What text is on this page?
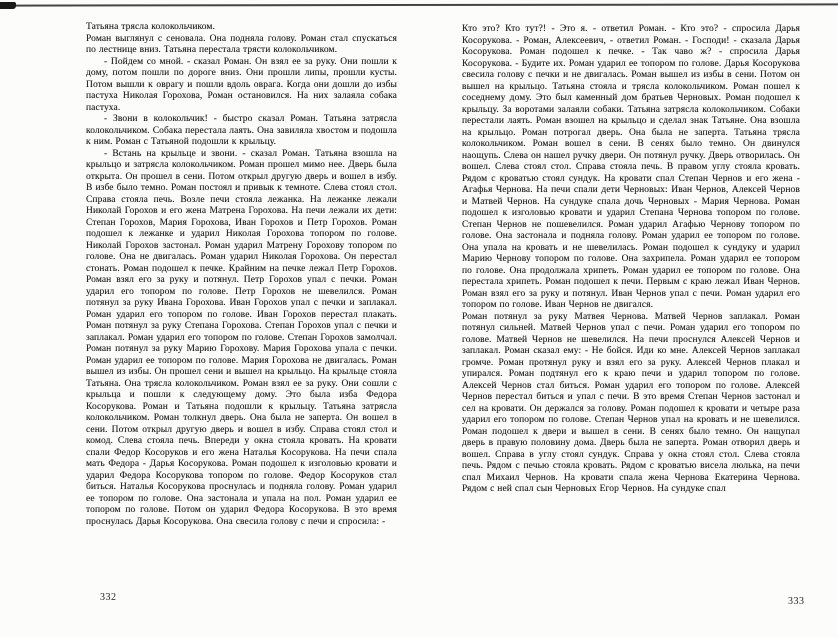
Татьяна трясла колокольчиком.

Роман выглянул с сеновала. Она подняла голову. Роман стал спускаться по лестнице вниз. Татьяна перестала трясти колокольчиком.

- Пойдем со мной. - сказал Роман. Он взял ее за руку. Они пошли к дому, потом пошли по дороге вниз. Они прошли липы, прошли кусты. Потом вышли к оврагу и пошли вдоль оврага. Когда они дошли до избы пастуха Николая Горохова, Роман остановился. На них залаяла собака пастуха.

- Звони в колокольчик! - быстро сказал Роман. Татьяна затрясла колокольчиком. Собака перестала лаять. Она завиляла хвостом и подошла к ним. Роман с Татьяной подошли к крыльцу.

- Встань на крыльце и звони. - сказал Роман. Татьяна взошла на крыльцо и затрясла колокольчиком. Роман прошел мимо нее. Дверь была открыта. Он прошел в сени. Потом открыл другую дверь и вошел в избу. В избе было темно. Роман постоял и привык к темноте. Слева стоял стол. Справа стояла печь. Возле печи стояла лежанка. На лежанке лежали Николай Горохов и его жена Матрена Горохова. На печи лежали их дети: Степан Горохов, Мария Горохова, Иван Горохов и Петр Горохов. Роман подошел к лежанке и ударил Николая Горохова топором по голове. Николай Горохов застонал. Роман ударил Матрену Горохову топором по голове. Она не двигалась. Роман ударил Николая Горохова. Он перестал стонать. Роман подошел к печке. Крайним на печке лежал Петр Горохов. Роман взял его за руку и потянул. Петр Горохов упал с печки. Роман ударил его топором по голове. Петр Горохов не шевелился. Роман потянул за руку Ивана Горохова. Иван Горохов упал с печки и заплакал. Роман ударил его топором по голове. Иван Горохов перестал плакать. Роман потянул за руку Степана Горохова. Степан Горохов упал с печки и заплакал. Роман ударил его топором по голове. Степан Горохов замолчал. Роман потянул за руку Марию Горохову. Мария Горохова упала с печки. Роман ударил ее топором по голове. Мария Горохова не двигалась. Роман вышел из избы. Он прошел сени и вышел на крыльцо. На крыльце стояла Татьяна. Она трясла колокольчиком. Роман взял ее за руку. Они сошли с крыльца и пошли к следующему дому. Это была изба Федора Косорукова. Роман и Татьяна подошли к крыльцу. Татьяна затрясла колокольчиком. Роман толкнул дверь. Она была не заперта. Он вошел в сени. Потом открыл другую дверь и вошел в избу. Справа стоял стол и комод. Слева стояла печь. Впереди у окна стояла кровать. На кровати спали Федор Косоруков и его жена Наталья Косорукова. На печи спала мать Федора - Дарья Косорукова. Роман подошел к изголовью кровати и ударил Федора Косорукова топором по голове. Федор Косоруков стал биться. Наталья Косорукова проснулась и подняла голову. Роман ударил ее топором по голове. Она застонала и упала на пол. Роман ударил ее топором по голове. Потом он ударил Федора Косорукова. В это время проснулась Дарья Косорукова. Она свесила голову с печи и спросила: -

Кто это? Кто тут?! - Это я. - ответил Роман. - Кто это? - спросила Дарья Косорукова. - Роман, Алексеевич, - ответил Роман. - Господи! - сказала Дарья Косорукова. Роман подошел к печке. - Так чаво ж? - спросила Дарья Косорукова. - Будите их. Роман ударил ее топором по голове. Дарья Косорукова свесила голову с печки и не двигалась. Роман вышел из избы в сени. Потом он вышел на крыльцо. Татьяна стояла и трясла колокольчиком. Роман пошел к соседнему дому. Это был каменный дом братьев Черновых. Роман подошел к крыльцу. За воротами залаяли собаки. Татьяна затрясла колокольчиком. Собаки перестали лаять. Роман взошел на крыльцо и сделал знак Татьяне. Она взошла на крыльцо. Роман потрогал дверь. Она была не заперта. Татьяна трясла колокольчиком. Роман вошел в сени. В сенях было темно. Он двинулся наощупь. Слева он нашел ручку двери. Он потянул ручку. Дверь отворилась. Он вошел. Слева стоял стол. Справа стояла печь. В правом углу стояла кровать. Рядом с кроватью стоял сундук. На кровати спал Степан Чернов и его жена - Агафья Чернова. На печи спали дети Черновых: Иван Чернов, Алексей Чернов и Матвей Чернов. На сундуке спала дочь Черновых - Мария Чернова. Роман подошел к изголовью кровати и ударил Степана Чернова топором по голове. Степан Чернов не пошевелился. Роман ударил Агафью Чернову топором по голове. Она застонала и подняла голову. Роман ударил ее топором по голове. Она упала на кровать и не шевелилась. Роман подошел к сундуку и ударил Марию Чернову топором по голове. Она захрипела. Роман ударил ее топором по голове. Она продолжала хрипеть. Роман ударил ее топором по голове. Она перестала хрипеть. Роман подошел к печи. Первым с краю лежал Иван Чернов. Роман взял его за руку и потянул. Иван Чернов упал с печи. Роман ударил его топором по голове. Иван Чернов не двигался.

Роман потянул за руку Матвея Чернова. Матвей Чернов заплакал. Роман потянул сильней. Матвей Чернов упал с печи. Роман ударил его топором по голове. Матвей Чернов не шевелился. На печи проснулся Алексей Чернов и заплакал. Роман сказал ему: - Не бойся. Иди ко мне. Алексей Чернов заплакал громче. Роман протянул руку и взял его за руку. Алексей Чернов плакал и упирался. Роман подтянул его к краю печи и ударил топором по голове. Алексей Чернов стал биться. Роман ударил его топором по голове. Алексей Чернов перестал биться и упал с печи. В это время Степан Чернов застонал и сел на кровати. Он держался за голову. Роман подошел к кровати и четыре раза ударил его топором по голове. Степан Чернов упал на кровать и не шевелился. Роман подошел к двери и вышел в сени. В сенях было темно. Он нащупал дверь в правую половину дома. Дверь была не заперта. Роман отворил дверь и вошел. Справа в углу стоял сундук. Справа у окна стоял стол. Слева стояла печь. Рядом с печью стояла кровать. Рядом с кроватью висела люлька, на печи спал Михаил Чернов. На кровати спала жена Чернова Екатерина Чернова. Рядом с ней спал сын Черновых Егор Чернов. На сундуке спал

332	333
